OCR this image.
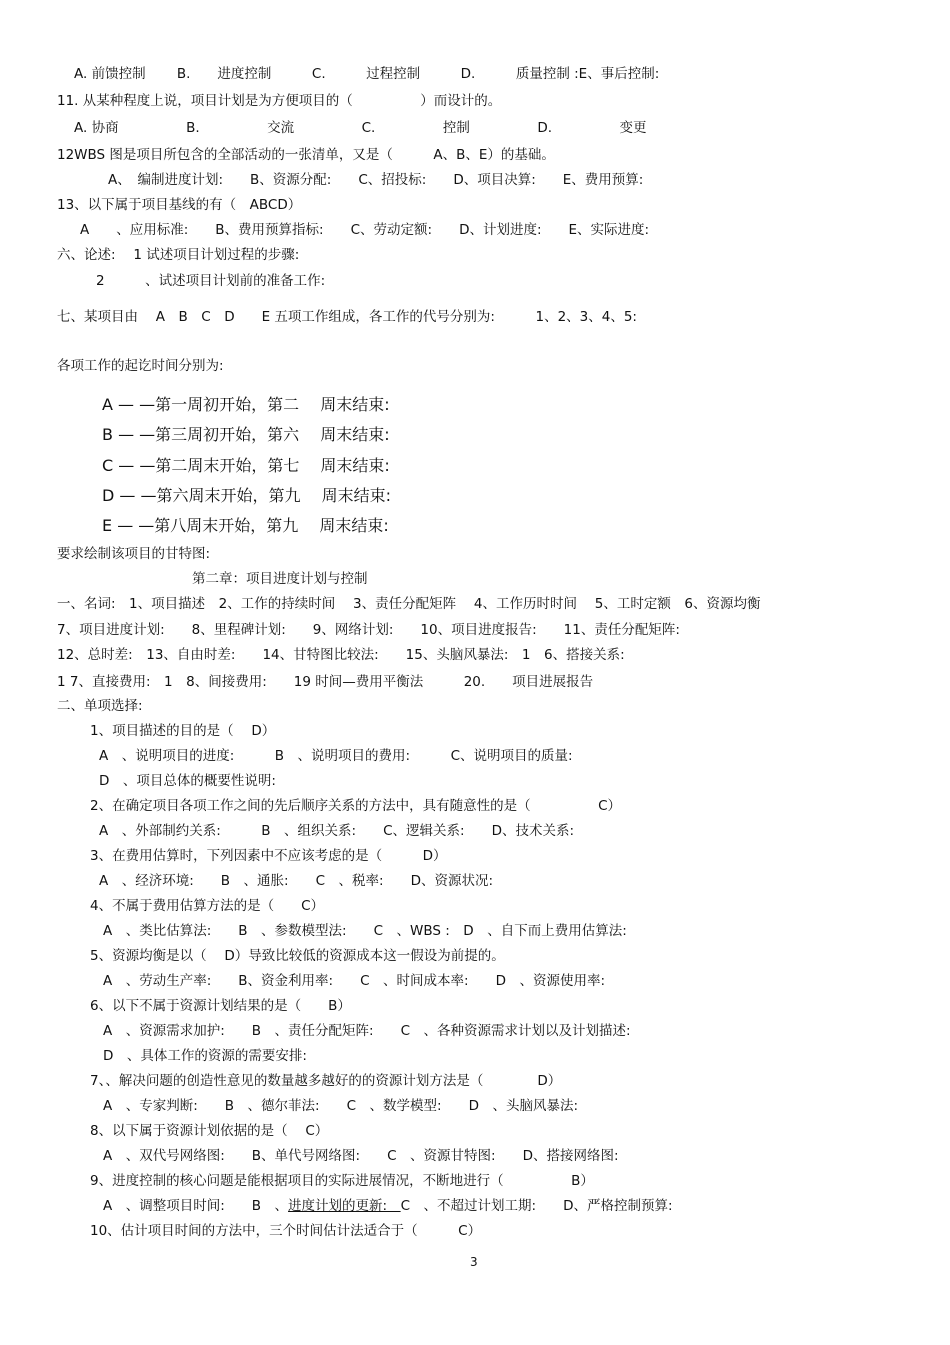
A. 前馈控制　　 B.　　进度控制　　　C.　　　过程控制　　　D.　　　质量控制 :E、事后控制:
11. 从某种程度上说，项目计划是为方便项目的（　　　　　）而设计的。
A. 协商　　　　　B.　　　　　交流　　　　　C.　　　　　控制　　　　　D.　　　　　变更
12WBS 图是项目所包含的全部活动的一张清单，又是（　　　A、B、E）的基础。
A、　编制进度计划:　　B、资源分配:　　C、招投标:　　D、项目决算:　　E、费用预算:
13、以下属于项目基线的有（　ABCD）
A　　、应用标准:　　B、费用预算指标:　　C、劳动定额:　　D、计划进度:　　E、实际进度:
六、论述:　 1 试述项目计划过程的步骤:
2　　　、试述项目计划前的准备工作:
七、某项目由　 A　B　C　D　　E 五项工作组成，各工作的代号分别为:　　　1、2、3、4、5:
各项工作的起讫时间分别为:
A — —第一周初开始，第二　 周末结束:
B — —第三周初开始，第六　 周末结束:
C — —第二周末开始，第七　 周末结束:
D — —第六周末开始，第九　 周末结束:
E — —第八周末开始，第九　 周末结束:
要求绘制该项目的甘特图:
第二章：项目进度计划与控制
一、名词:　1、项目描述　2、工作的持续时间　 3、责任分配矩阵　 4、工作历时时间　 5、工时定额　6、资源均衡
7、项目进度计划:　　8、里程碑计划:　　9、网络计划:　　10、项目进度报告:　　11、责任分配矩阵:
12、总时差:　13、自由时差:　　14、甘特图比较法:　　15、头脑风暴法:　1　6、搭接关系:
1 7、直接费用:　1　8、间接费用:　　19 时间—费用平衡法　　　20.　　项目进展报告
二、单项选择:
1、项目描述的目的是（　 D）
A　、说明项目的进度:　　　B　、说明项目的费用:　　　C、说明项目的质量:
D　、项目总体的概要性说明:
2、在确定项目各项工作之间的先后顺序关系的方法中，具有随意性的是（　　　　　C）
A　、外部制约关系:　　　B　、组织关系:　　C、逻辑关系:　　D、技术关系:
3、在费用估算时，下列因素中不应该考虑的是（　　　D）
A　、经济环境:　　B　、通胀:　　C　、税率:　　D、资源状况:
4、不属于费用估算方法的是（　　C）
A　、类比估算法:　　B　、参数模型法:　　C　、WBS :　D　、自下而上费用估算法:
5、资源均衡是以（　 D）导致比较低的资源成本这一假设为前提的。
A　、劳动生产率:　　B、资金利用率:　　C　、时间成本率:　　D　、资源使用率:
6、以下不属于资源计划结果的是（　　B）
A　、资源需求加护:　　B　、责任分配矩阵:　　C　、各种资源需求计划以及计划描述:
D　、具体工作的资源的需要安排:
7、、解决问题的创造性意见的数量越多越好的的资源计划方法是（　　　　D）
A　、专家判断:　　B　、德尔菲法:　　C　、数学模型:　　D　、头脑风暴法:
8、以下属于资源计划依据的是（　 C）
A　、双代号网络图:　　B、单代号网络图:　　C　、资源甘特图:　　D、搭接网络图:
9、进度控制的核心问题是能根据项目的实际进展情况，不断地进行（　　　　　B）
A　、调整项目时间:　　B　、进度计划的更新:　C　、不超过计划工期:　　D、严格控制预算:
10、估计项目时间的方法中，三个时间估计法适合于（　　　C）
3
